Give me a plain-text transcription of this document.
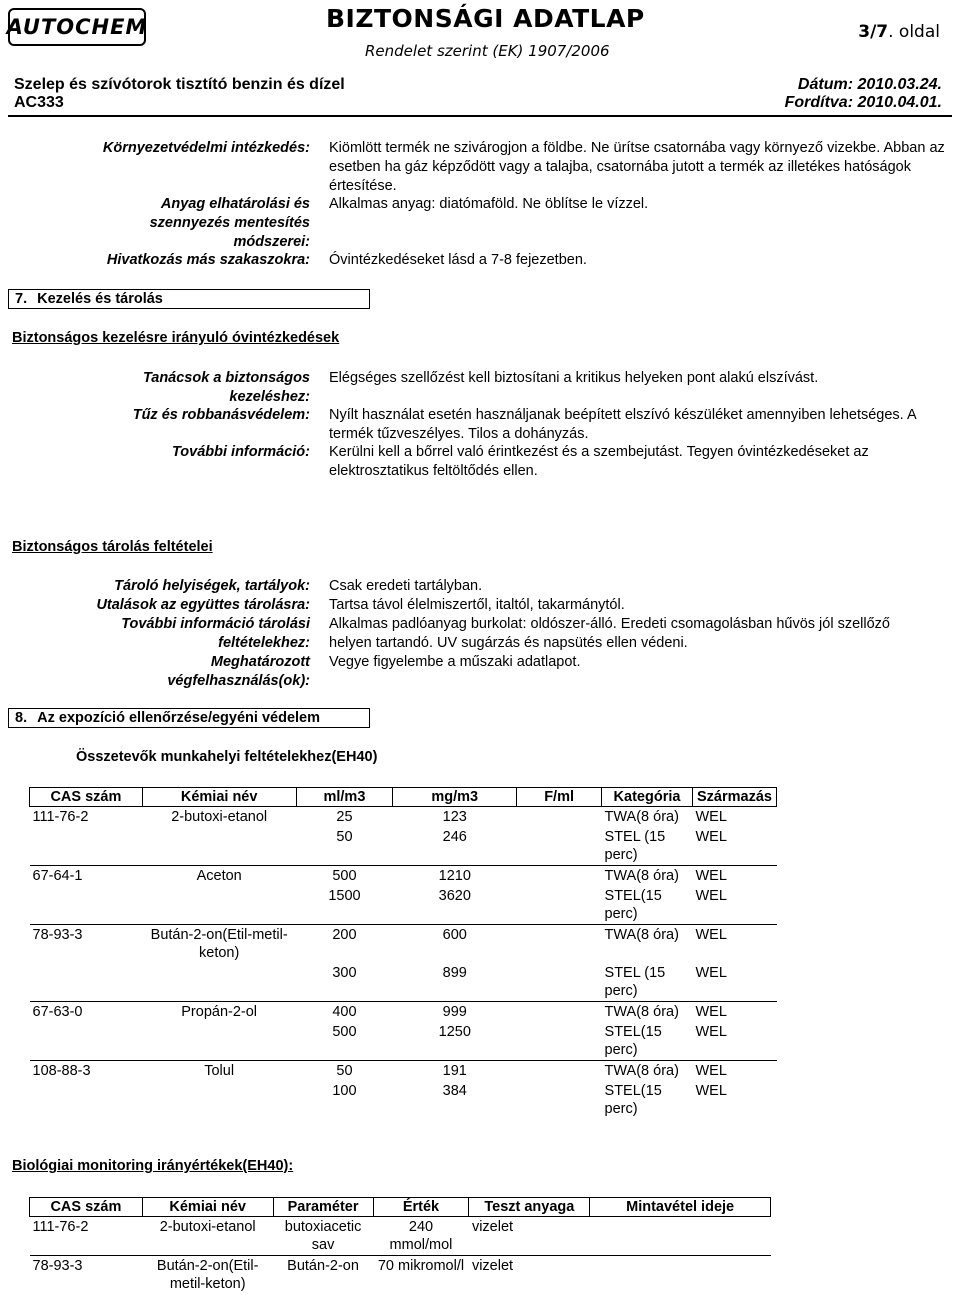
AUTOCHEM	BIZTONSÁGI ADATLAP
Rendelet szerint (EK) 1907/2006
3/7. oldal
Szelep és szívótorok tisztító benzin és dízel
AC333
Dátum: 2010.03.24.
Fordítva: 2010.04.01.
Környezetvédelmi intézkedés: Kiömlött termék ne szivárogjon a földbe. Ne ürítse csatornába vagy környező vizekbe. Abban az esetben ha gáz képződött vagy a talajba, csatornába jutott a termék az illetékes hatóságok értesítése.
Anyag elhatárolási és szennyezés mentesítés módszerei:
Alkalmas anyag: diatómaföld. Ne öblítse le vízzel.
Hivatkozás más szakaszokra: Óvintézkedéseket lásd a 7-8 fejezetben.
7. Kezelés és tárolás
Biztonságos kezelésre irányuló óvintézkedések
Tanácsok a biztonságos kezeléshez:
Elégséges szellőzést kell biztosítani a kritikus helyeken pont alakú elszívást.
Tűz és robbanásvédelem: Nyílt használat esetén használjanak beépített elszívó készüléket amennyiben lehetséges. A termék tűzveszélyes. Tilos a dohányzás.
További információ: Kerülni kell a bőrrel való érintkezést és a szembejutást. Tegyen óvintézkedéseket az elektrosztatikus feltöltődés ellen.
Biztonságos tárolás feltételei
Tároló helyiségek, tartályok: Csak eredeti tartályban.
Utalások az együttes tárolásra: Tartsa távol élelmiszertől, italtól, takarmánytól.
További információ tárolási feltételekhez:
Alkalmas padlóanyag burkolat: oldószer-álló. Eredeti csomagolásban hűvös jól szellőző helyen tartandó. UV sugárzás és napsütés ellen védeni.
Meghatározott végfelhasználás(ok):
Vegye figyelembe a műszaki adatlapot.
8. Az expozíció ellenőrzése/egyéni védelem
Összetevők munkahelyi feltételekhez(EH40)
CAS szám	Kémiai név	ml/m3	mg/m3	F/ml	Kategória	Származás
111-76-2	2-butoxi-etanol	25	123		TWA(8 óra)	WEL
		50	246		STEL (15 perc)	WEL
67-64-1	Aceton	500	1210		TWA(8 óra)	WEL
		1500	3620		STEL(15 perc)	WEL
78-93-3	Bután-2-on(Etil-metil-keton)	200	600		TWA(8 óra)	WEL
		300	899		STEL (15 perc)	WEL
67-63-0	Propán-2-ol	400	999		TWA(8 óra)	WEL
		500	1250		STEL(15 perc)	WEL
108-88-3	Tolul	50	191		TWA(8 óra)	WEL
		100	384		STEL(15 perc)	WEL
Biológiai monitoring irányértékek(EH40):
CAS szám	Kémiai név	Paraméter	Érték	Teszt anyaga	Mintavétel ideje
111-76-2	2-butoxi-etanol	butoxiacetic sav	240 mmol/mol	vizelet	
78-93-3	Bután-2-on(Etil-metil-keton)	Bután-2-on	70 mikromol/l	vizelet	
